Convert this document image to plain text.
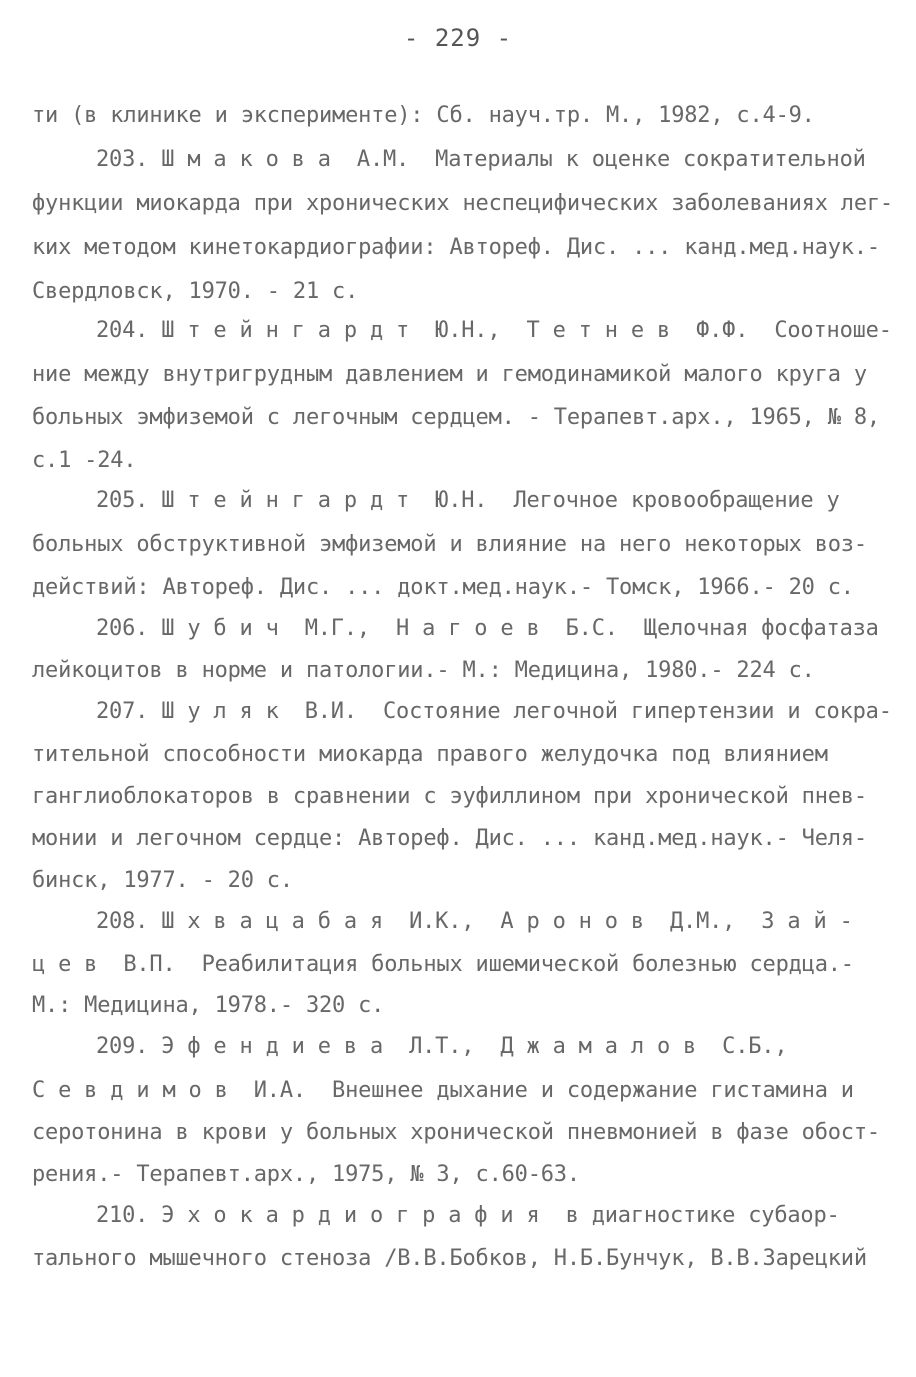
- 229 -
ти (в клинике и эксперименте): Сб. науч.тр. М., 1982, с.4-9.
203. Ш м а к о в а  А.М.  Материалы к оценке сократительной
функции миокарда при хронических неспецифических заболеваниях лег-
ких методом кинетокардиографии: Автореф. Дис. ... канд.мед.наук.-
Свердловск, 1970. - 21 с.
204. Ш т е й н г а р д т  Ю.Н.,  Т е т н е в  Ф.Ф.  Соотноше-
ние между внутригрудным давлением и гемодинамикой малого круга у
больных эмфиземой с легочным сердцем. - Терапевт.арх., 1965, № 8,
с.1 -24.
205. Ш т е й н г а р д т  Ю.Н.  Легочное кровообращение у
больных обструктивной эмфиземой и влияние на него некоторых воз-
действий: Автореф. Дис. ... докт.мед.наук.- Томск, 1966.- 20 с.
206. Ш у б и ч  М.Г.,  Н а г о е в  Б.С.  Щелочная фосфатаза
лейкоцитов в норме и патологии.- М.: Медицина, 1980.- 224 с.
207. Ш у л я к  В.И.  Состояние легочной гипертензии и сокра-
тительной способности миокарда правого желудочка под влиянием
ганглиоблокаторов в сравнении с эуфиллином при хронической пнев-
монии и легочном сердце: Автореф. Дис. ... канд.мед.наук.- Челя-
бинск, 1977. - 20 с.
208. Ш х в а ц а б а я  И.К.,  А р о н о в  Д.М.,  З а й -
ц е в  В.П.  Реабилитация больных ишемической болезнью сердца.-
М.: Медицина, 1978.- 320 с.
209. Э ф е н д и е в а  Л.Т.,  Д ж а м а л о в  С.Б.,
С е в д и м о в  И.А.  Внешнее дыхание и содержание гистамина и
серотонина в крови у больных хронической пневмонией в фазе обост-
рения.- Терапевт.арх., 1975, № 3, с.60-63.
210. Э х о к а р д и о г р а ф и я  в диагностике субаор-
тального мышечного стеноза /В.В.Бобков, Н.Б.Бунчук, В.В.Зарецкий
